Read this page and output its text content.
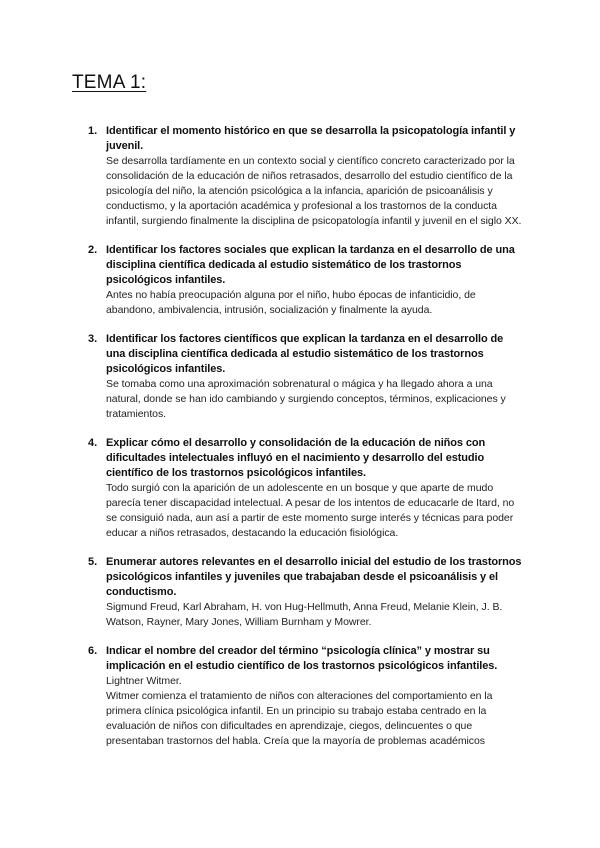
TEMA 1:
1. Identificar el momento histórico en que se desarrolla la psicopatología infantil y juvenil.

Se desarrolla tardíamente en un contexto social y científico concreto caracterizado por la consolidación de la educación de niños retrasados, desarrollo del estudio científico de la psicología del niño, la atención psicológica a la infancia, aparición de psicoanálisis y conductismo, y la aportación académica y profesional a los trastornos de la conducta infantil, surgiendo finalmente la disciplina de psicopatología infantil y juvenil en el siglo XX.

2. Identificar los factores sociales que explican la tardanza en el desarrollo de una disciplina científica dedicada al estudio sistemático de los trastornos psicológicos infantiles.

Antes no había preocupación alguna por el niño, hubo épocas de infanticidio, de abandono, ambivalencia, intrusión, socialización y finalmente la ayuda.

3. Identificar los factores científicos que explican la tardanza en el desarrollo de una disciplina científica dedicada al estudio sistemático de los trastornos psicológicos infantiles.

Se tomaba como una aproximación sobrenatural o mágica y ha llegado ahora a una natural, donde se han ido cambiando y surgiendo conceptos, términos, explicaciones y tratamientos.

4. Explicar cómo el desarrollo y consolidación de la educación de niños con dificultades intelectuales influyó en el nacimiento y desarrollo del estudio científico de los trastornos psicológicos infantiles.

Todo surgió con la aparición de un adolescente en un bosque y que aparte de mudo parecía tener discapacidad intelectual. A pesar de los intentos de educacarle de Itard, no se consiguió nada, aun así a partir de este momento surge interés y técnicas para poder educar a niños retrasados, destacando la educación fisiológica.

5. Enumerar autores relevantes en el desarrollo inicial del estudio de los trastornos psicológicos infantiles y juveniles que trabajaban desde el psicoanálisis y el conductismo.

Sigmund Freud, Karl Abraham, H. von Hug-Hellmuth, Anna Freud, Melanie Klein, J. B. Watson, Rayner, Mary Jones, William Burnham y Mowrer.

6. Indicar el nombre del creador del término “psicología clínica” y mostrar su implicación en el estudio científico de los trastornos psicológicos infantiles.

Lightner Witmer.

Witmer comienza el tratamiento de niños con alteraciones del comportamiento en la primera clínica psicológica infantil. En un principio su trabajo estaba centrado en la evaluación de niños con dificultades en aprendizaje, ciegos, delincuentes o que presentaban trastornos del habla. Creía que la mayoría de problemas académicos
